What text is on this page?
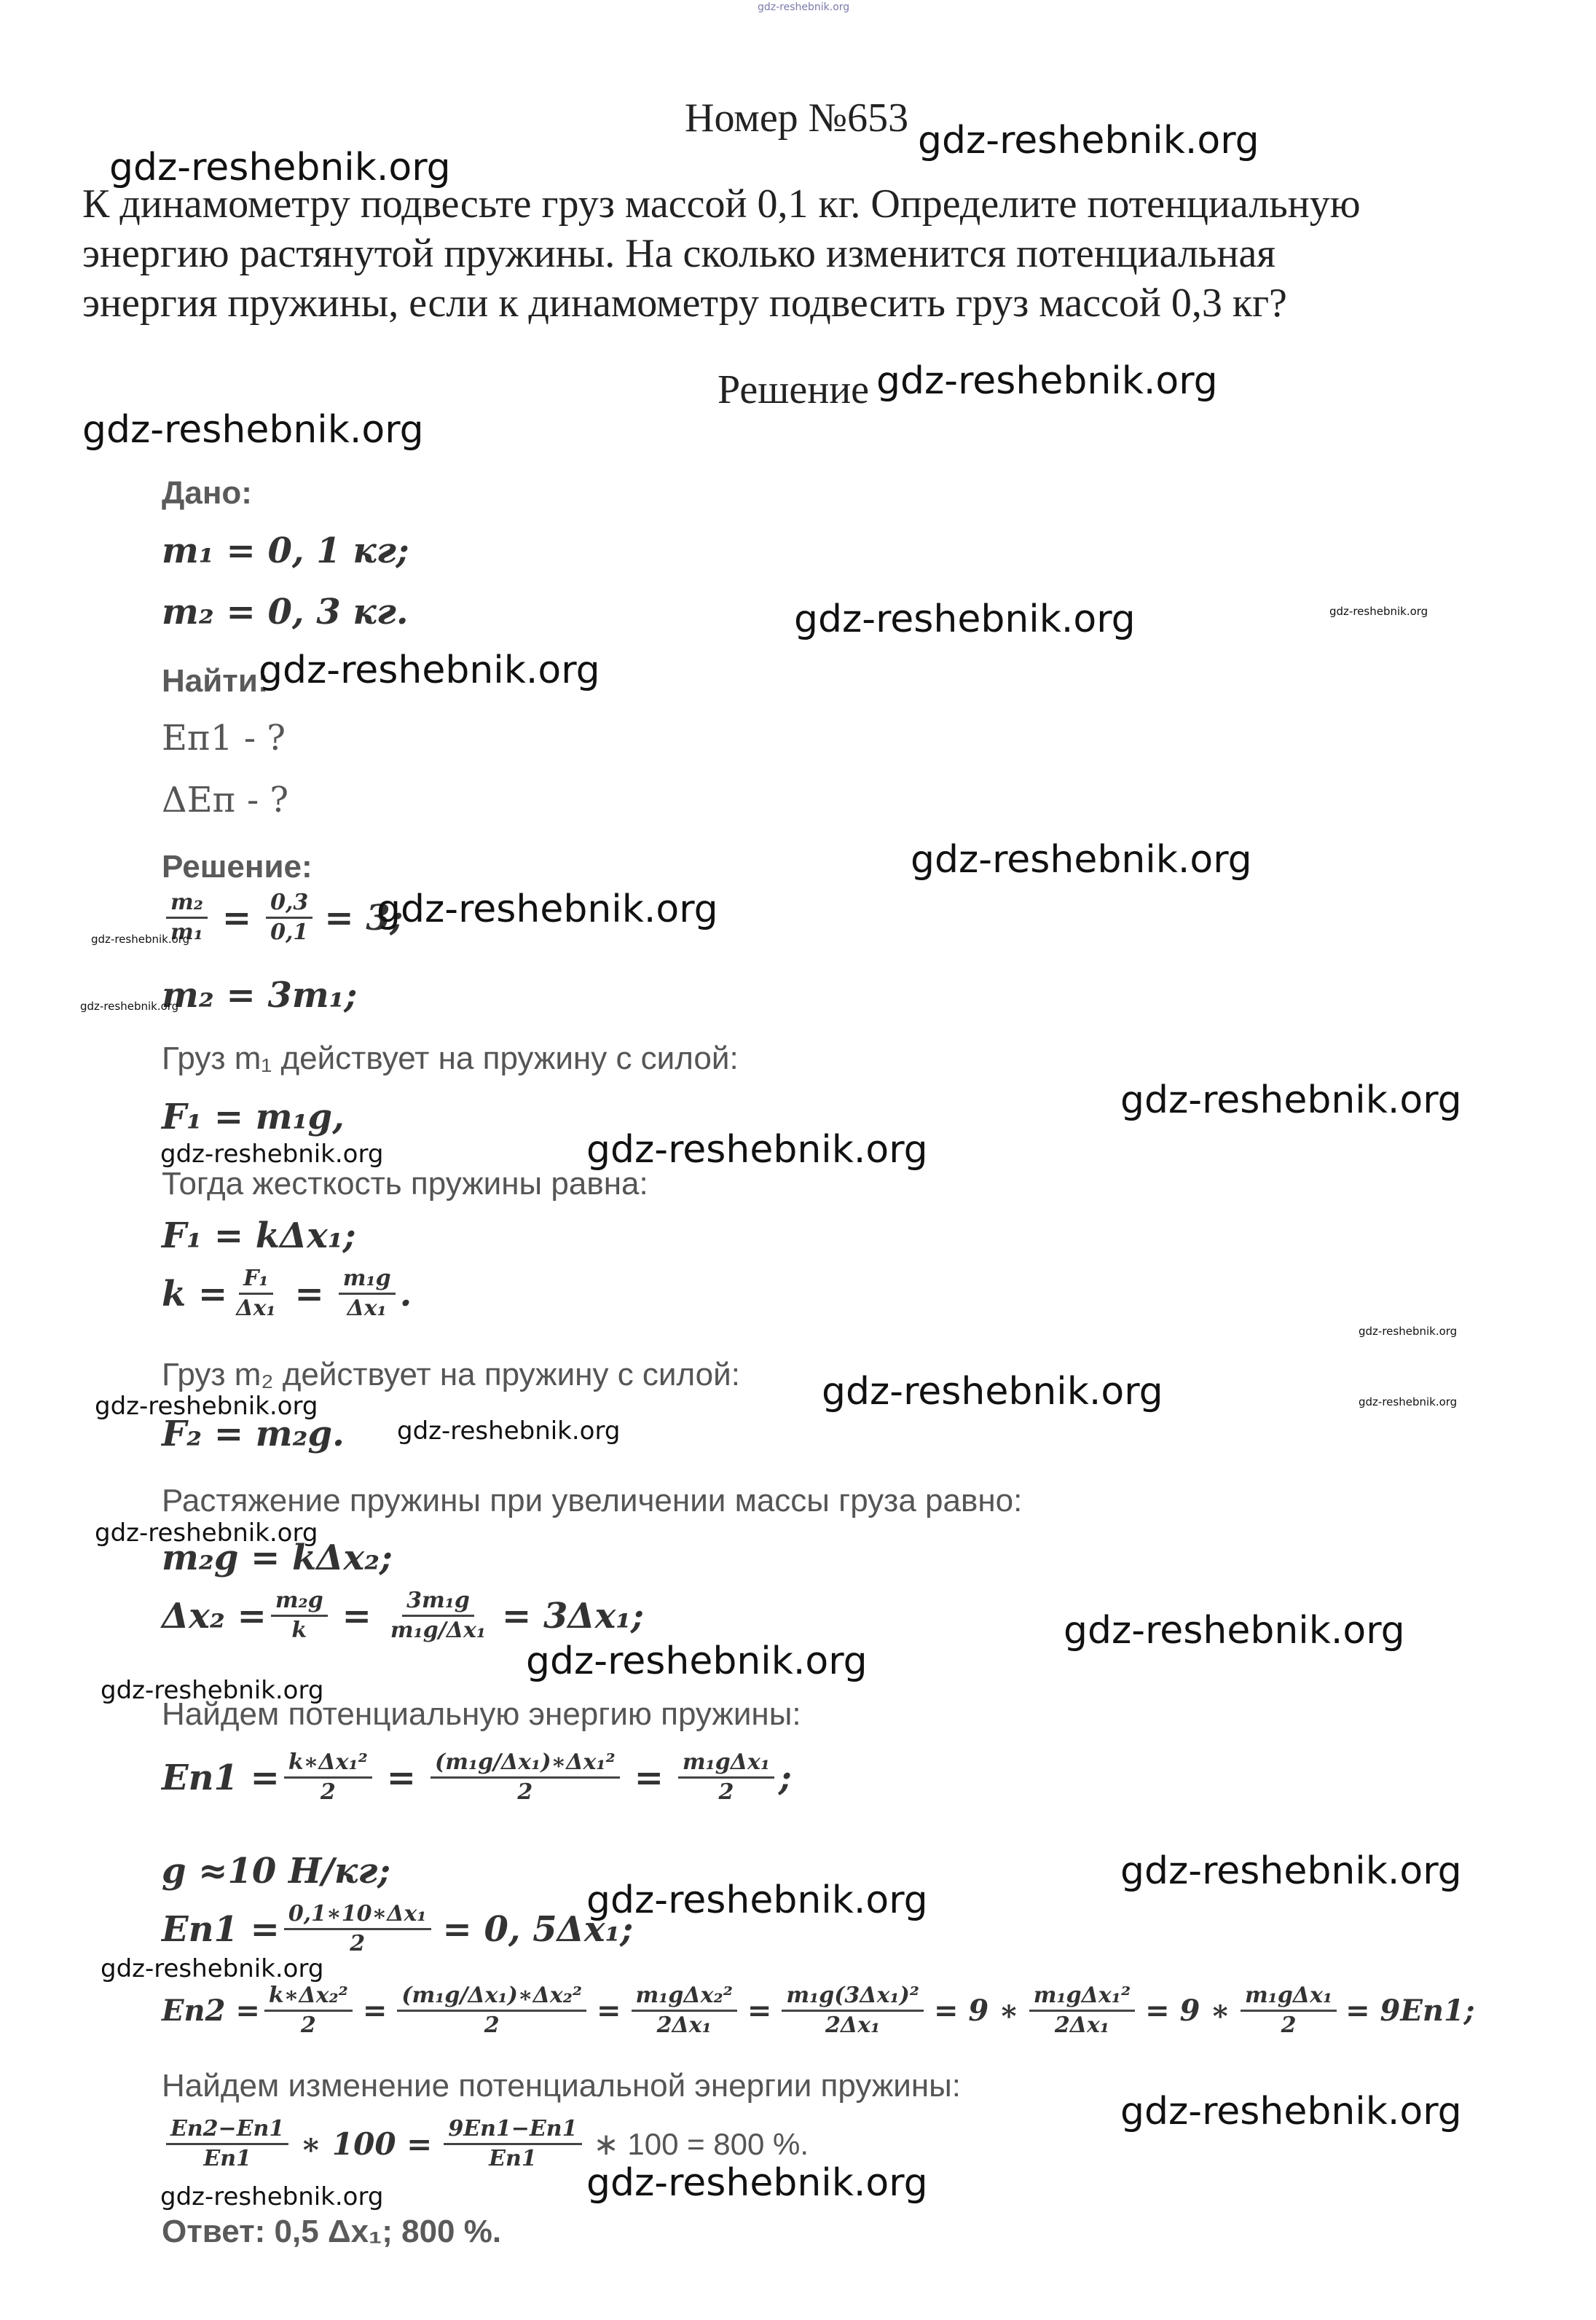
gdz-reshebnik.org
Номер №653
К динамометру подвесьте груз массой 0,1 кг. Определите потенциальную
энергию растянутой пружины. На сколько изменится потенциальная
энергия пружины, если к динамометру подвесить груз массой 0,3 кг?
Решение
Дано:
m₁ = 0, 1 кг;
m₂ = 0, 3 кг.
Найти:
Eп1 - ?
ΔEп - ?
Решение:
$\frac{\text{m₂}}{\text{m₁}} = \frac{0,3}{0,1} = 3$;
m₂ = 3m₁;
Груз m₁ действует на пружину с силой:
F₁ = m₁g,
Тогда жесткость пружины равна:
F₁ = kΔx₁;
$k = \frac{\text{F₁}}{\text{Δx₁}} = \frac{\text{m₁g}}{\text{Δx₁}}$ .
Груз m₂ действует на пружину с силой:
F₂ = m₂g.
Растяжение пружины при увеличении массы груза равно:
m₂g = kΔx₂;
$\Delta x_2 = \frac{\text{m₂g}}{k} = \frac{\text{3m₁g}}{\text{m₁g/Δx₁}} = 3\Delta x_1$;
Найдем потенциальную энергию пружины:
$Eп1 = \frac{\text{k∗Δx₁²}}{2} = \frac{\text{(m₁g/Δx₁)∗Δx₁²}}{2} = \frac{\text{m₁gΔx₁}}{2}$ ;
g ≈10 Н/кг;
$Eп1 = \frac{\text{0,1∗10∗Δx₁}}{2} = 0$, 5Δx₁;
$Eп2 = \frac{\text{k∗Δx₂²}}{2} = \frac{\text{(m₁g/Δx₁)∗Δx₂²}}{2} = \frac{\text{m₁gΔx₂²}}{\text{2Δx₁}} = \frac{\text{m₁g(3Δx₁)²}}{\text{2Δx₁}} = 9$ ∗ $\frac{\text{m₁gΔx₁²}}{\text{2Δx₁}} = 9$ ∗ $\frac{\text{m₁gΔx₁}}{2} = 9Eп1$;
Найдем изменение потенциальной энергии пружины:
$\frac{Eп2-Eп1}{Eп1}$ ∗ $100 = \frac{9Eп1-Eп1}{Eп1}$ ∗ 100 = 800 %.
Ответ: 0,5 Δx₁; 800 %.
gdz-reshebnik.org
gdz-reshebnik.org
gdz-reshebnik.org
gdz-reshebnik.org
gdz-reshebnik.org	gdz-reshebnik.org
gdz-reshebnik.org
gdz-reshebnik.org
gdz-reshebnik.org
gdz-reshebnik.org
gdz-reshebnik.org
gdz-reshebnik.org
gdz-reshebnik.org	gdz-reshebnik.org
gdz-reshebnik.org
gdz-reshebnik.org
gdz-reshebnik.org	gdz-reshebnik.org
gdz-reshebnik.org
gdz-reshebnik.org
gdz-reshebnik.org
gdz-reshebnik.org
gdz-reshebnik.org
gdz-reshebnik.org
gdz-reshebnik.org
gdz-reshebnik.org
gdz-reshebnik.org
gdz-reshebnik.org
gdz-reshebnik.org
